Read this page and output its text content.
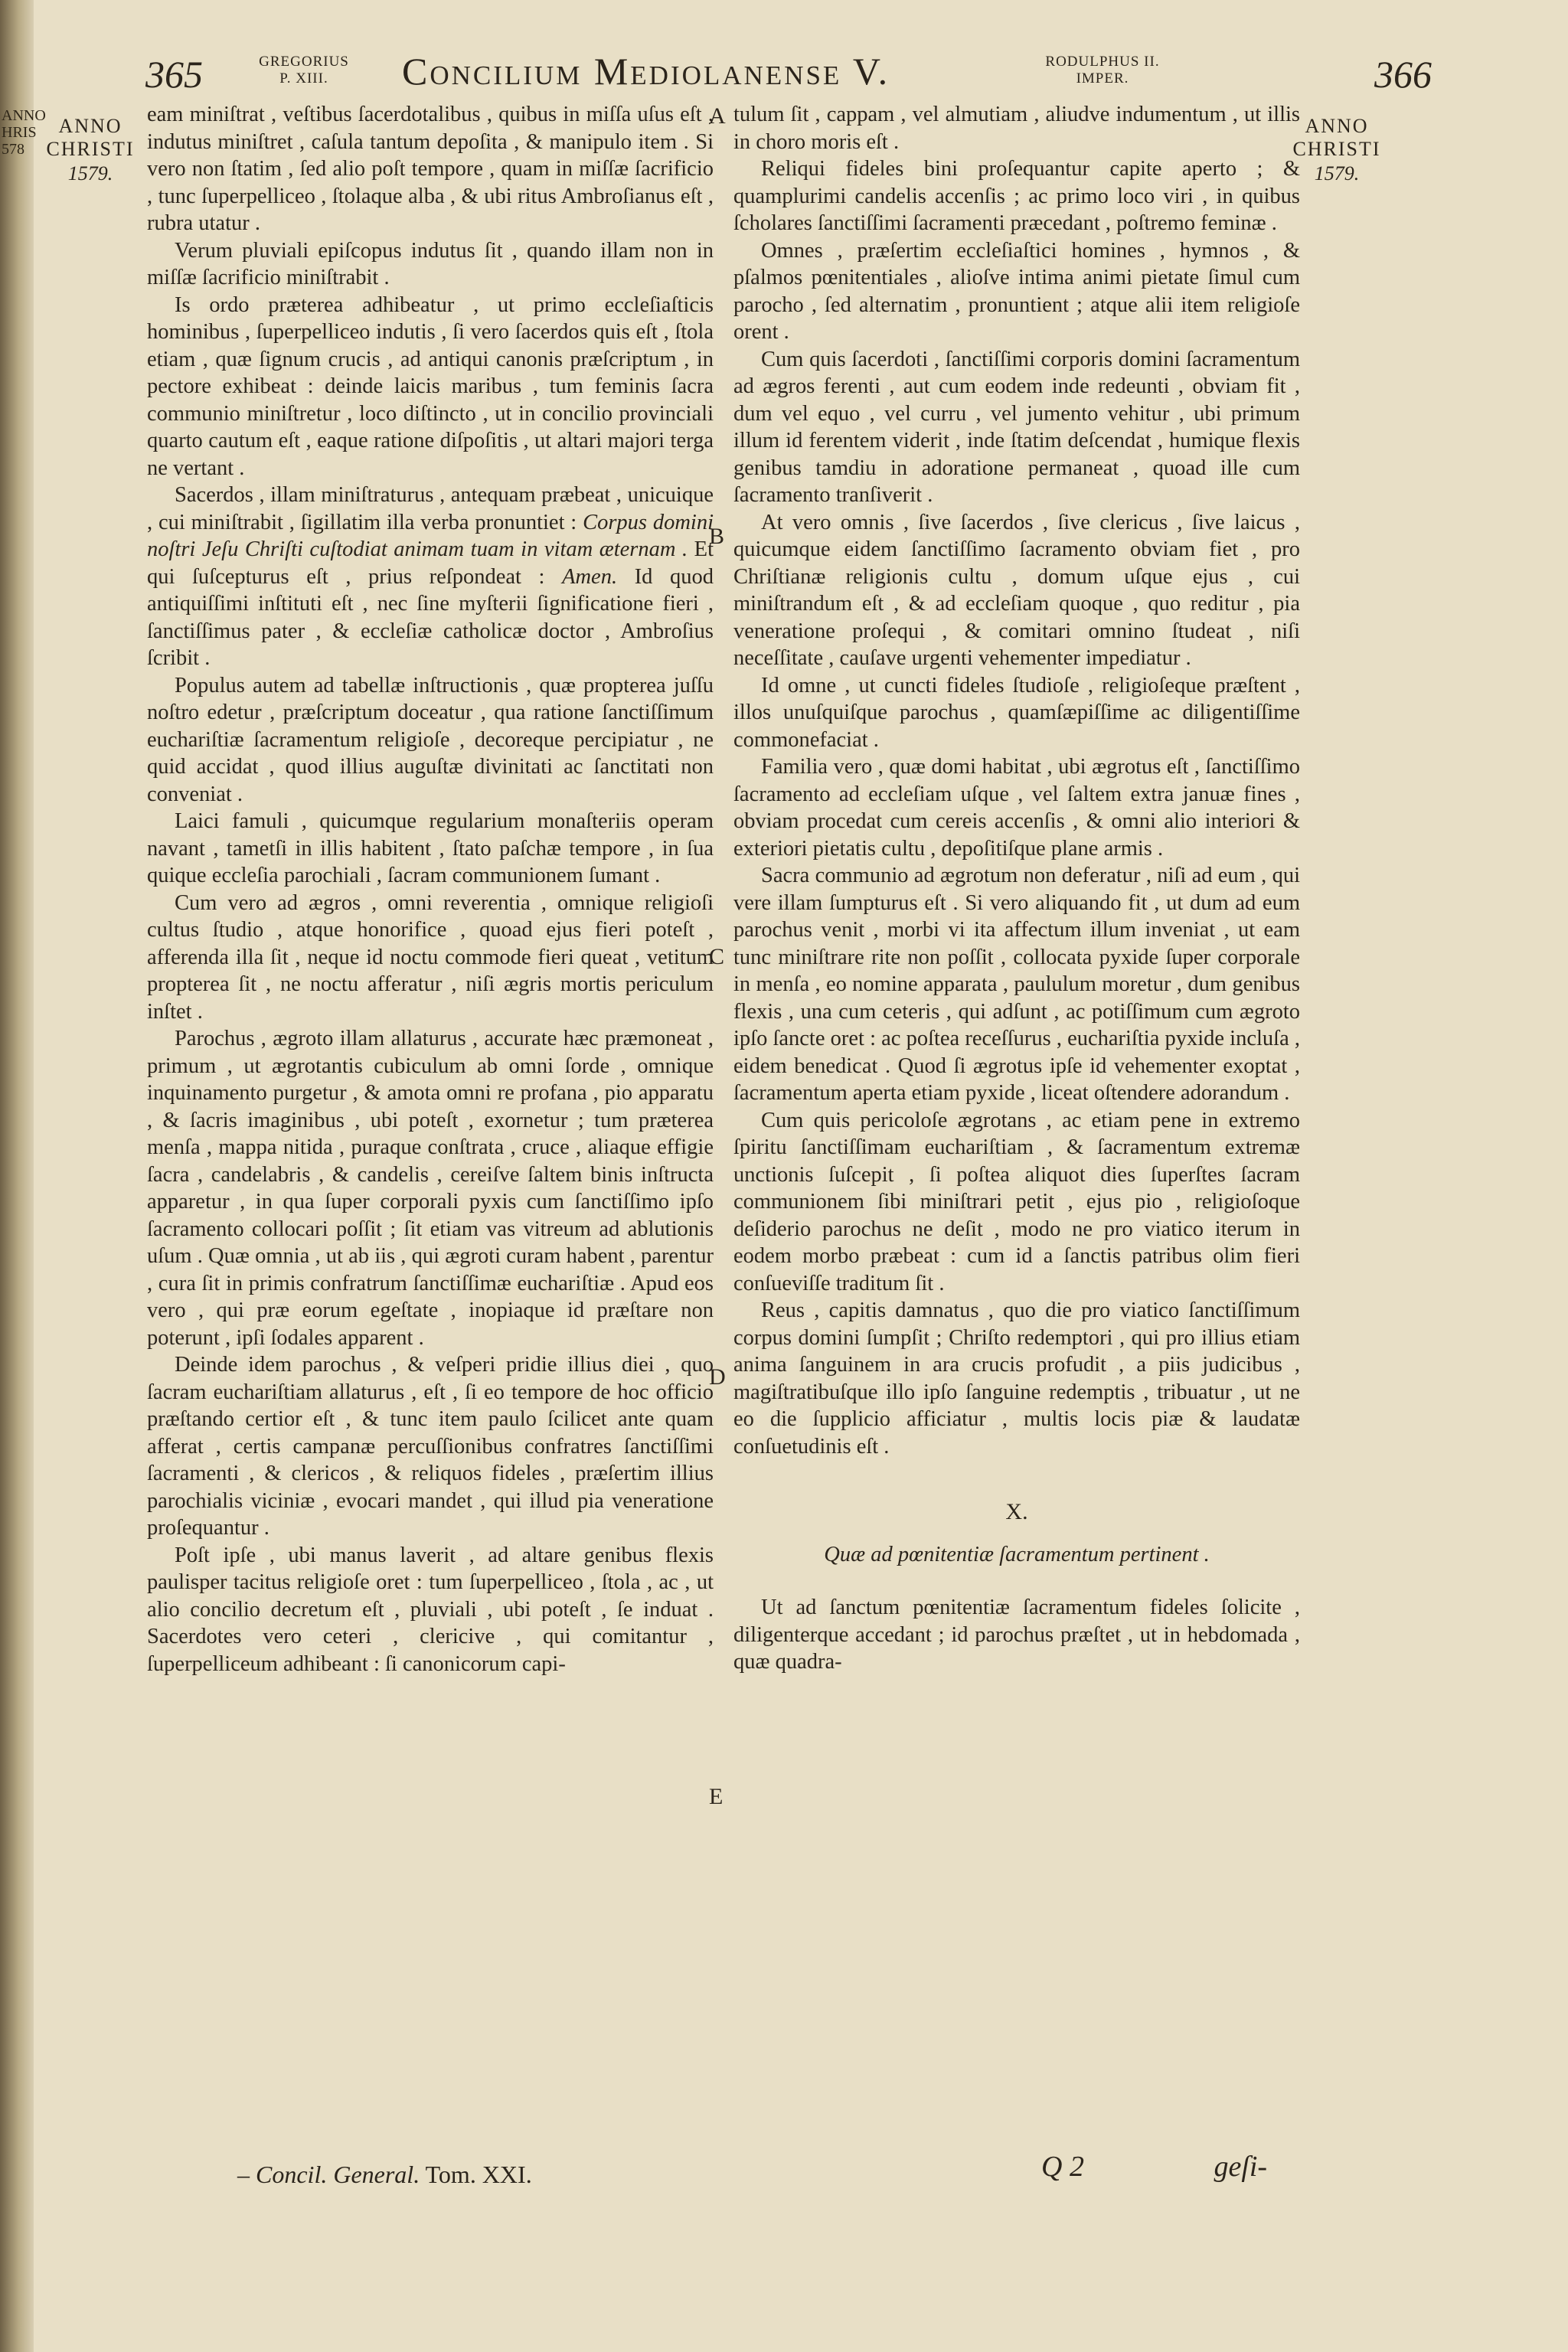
ANNO
HRIS
578
365	GREGORIUS
P. XIII.	Concilium Mediolanense V.	RODULPHUS II.
IMPER.	366
ANNO
CHRISTI
1579.
ANNO
CHRISTI
1579.

eam miniſtrat , veſtibus ſacerdotalibus , quibus in miſſa uſus eſt , indutus miniſtret , caſula tantum depoſita , & manipulo item . Si vero non ſtatim , ſed alio poſt tempore , quam in miſſæ ſacrificio , tunc ſuperpelliceo , ſtolaque alba , & ubi ritus Ambroſianus eſt , rubra utatur .

Verum pluviali epiſcopus indutus ſit , quando illam non in miſſæ ſacrificio miniſtrabit .

Is ordo præterea adhibeatur , ut primo eccleſiaſticis hominibus , ſuperpelliceo indutis , ſi vero ſacerdos quis eſt , ſtola etiam , quæ ſignum crucis , ad antiqui canonis præſcriptum , in pectore exhibeat : deinde laicis maribus , tum feminis ſacra communio miniſtretur , loco diſtincto , ut in concilio provinciali quarto cautum eſt , eaque ratione diſpoſitis , ut altari majori terga ne vertant .

Sacerdos , illam miniſtraturus , antequam præbeat , unicuique , cui miniſtrabit , ſigillatim illa verba pronuntiet : Corpus domini noſtri Jeſu Chriſti cuſtodiat animam tuam in vitam æternam . Et qui ſuſcepturus eſt , prius reſpondeat : Amen. Id quod antiquiſſimi inſtituti eſt , nec ſine myſterii ſignificatione fieri , ſanctiſſimus pater , & eccleſiæ catholicæ doctor , Ambroſius ſcribit .

Populus autem ad tabellæ inſtructionis , quæ propterea juſſu noſtro edetur , præſcriptum doceatur , qua ratione ſanctiſſimum euchariſtiæ ſacramentum religioſe , decoreque percipiatur , ne quid accidat , quod illius auguſtæ divinitati ac ſanctitati non conveniat .

Laici famuli , quicumque regularium monaſteriis operam navant , tametſi in illis habitent , ſtato paſchæ tempore , in ſua quique eccleſia parochiali , ſacram communionem ſumant .

Cum vero ad ægros , omni reverentia , omnique religioſi cultus ſtudio , atque honorifice , quoad ejus fieri poteſt , afferenda illa ſit , neque id noctu commode fieri queat , vetitum propterea ſit , ne noctu afferatur , niſi ægris mortis periculum inſtet .

Parochus , ægroto illam allaturus , accurate hæc præmoneat , primum , ut ægrotantis cubiculum ab omni ſorde , omnique inquinamento purgetur , & amota omni re profana , pio apparatu , & ſacris imaginibus , ubi poteſt , exornetur ; tum præterea menſa , mappa nitida , puraque conſtrata , cruce , aliaque effigie ſacra , candelabris , & candelis , cereiſve ſaltem binis inſtructa apparetur , in qua ſuper corporali pyxis cum ſanctiſſimo ipſo ſacramento collocari poſſit ; ſit etiam vas vitreum ad ablutionis uſum . Quæ omnia , ut ab iis , qui ægroti curam habent , parentur , cura ſit in primis confratrum ſanctiſſimæ euchariſtiæ . Apud eos vero , qui præ eorum egeſtate , inopiaque id præſtare non poterunt , ipſi ſodales apparent .

Deinde idem parochus , & veſperi pridie illius diei , quo ſacram euchariſtiam allaturus , eſt , ſi eo tempore de hoc officio præſtando certior eſt , & tunc item paulo ſcilicet ante quam afferat , certis campanæ percuſſionibus confratres ſanctiſſimi ſacramenti , & clericos , & reliquos fideles , præſertim illius parochialis viciniæ , evocari mandet , qui illud pia veneratione proſequantur .

Poſt ipſe , ubi manus laverit , ad altare genibus flexis paulisper tacitus religioſe oret : tum ſuperpelliceo , ſtola , ac , ut alio concilio decretum eſt , pluviali , ubi poteſt , ſe induat . Sacerdotes vero ceteri , clericive , qui comitantur , ſuperpelliceum adhibeant : ſi canonicorum capi-

A
B
C
D
E

tulum ſit , cappam , vel almutiam , aliudve indumentum , ut illis in choro moris eſt .

Reliqui fideles bini proſequantur capite aperto ; & quamplurimi candelis accenſis ; ac primo loco viri , in quibus ſcholares ſanctiſſimi ſacramenti præcedant , poſtremo feminæ .

Omnes , præſertim eccleſiaſtici homines , hymnos , & pſalmos pœnitentiales , alioſve intima animi pietate ſimul cum parocho , ſed alternatim , pronuntient ; atque alii item religioſe orent .

Cum quis ſacerdoti , ſanctiſſimi corporis domini ſacramentum ad ægros ferenti , aut cum eodem inde redeunti , obviam fit , dum vel equo , vel curru , vel jumento vehitur , ubi primum illum id ferentem viderit , inde ſtatim deſcendat , humique flexis genibus tamdiu in adoratione permaneat , quoad ille cum ſacramento tranſiverit .

At vero omnis , ſive ſacerdos , ſive clericus , ſive laicus , quicumque eidem ſanctiſſimo ſacramento obviam fiet , pro Chriſtianæ religionis cultu , domum uſque ejus , cui miniſtrandum eſt , & ad eccleſiam quoque , quo reditur , pia veneratione proſequi , & comitari omnino ſtudeat , niſi neceſſitate , cauſave urgenti vehementer impediatur .

Id omne , ut cuncti fideles ſtudioſe , religioſeque præſtent , illos unuſquiſque parochus , quamſæpiſſime ac diligentiſſime commonefaciat .

Familia vero , quæ domi habitat , ubi ægrotus eſt , ſanctiſſimo ſacramento ad eccleſiam uſque , vel ſaltem extra januæ fines , obviam procedat cum cereis accenſis , & omni alio interiori & exteriori pietatis cultu , depoſitiſque plane armis .

Sacra communio ad ægrotum non deferatur , niſi ad eum , qui vere illam ſumpturus eſt . Si vero aliquando fit , ut dum ad eum parochus venit , morbi vi ita affectum illum inveniat , ut eam tunc miniſtrare rite non poſſit , collocata pyxide ſuper corporale in menſa , eo nomine apparata , paululum moretur , dum genibus flexis , una cum ceteris , qui adſunt , ac potiſſimum cum ægroto ipſo ſancte oret : ac poſtea receſſurus , euchariſtia pyxide incluſa , eidem benedicat . Quod ſi ægrotus ipſe id vehementer exoptat , ſacramentum aperta etiam pyxide , liceat oſtendere adorandum .

Cum quis pericoloſe ægrotans , ac etiam pene in extremo ſpiritu ſanctiſſimam euchariſtiam , & ſacramentum extremæ unctionis ſuſcepit , ſi poſtea aliquot dies ſuperſtes ſacram communionem ſibi miniſtrari petit , ejus pio , religioſoque deſiderio parochus ne deſit , modo ne pro viatico iterum in eodem morbo præbeat : cum id a ſanctis patribus olim fieri conſueviſſe traditum ſit .

Reus , capitis damnatus , quo die pro viatico ſanctiſſimum corpus domini ſumpſit ; Chriſto redemptori , qui pro illius etiam anima ſanguinem in ara crucis profudit , a piis judicibus , magiſtratibuſque illo ipſo ſanguine redemptis , tribuatur , ut ne eo die ſupplicio afficiatur , multis locis piæ & laudatæ conſuetudinis eſt .

X.
Quæ ad pœnitentiæ ſacramentum pertinent .

Ut ad ſanctum pœnitentiæ ſacramentum fideles ſolicite , diligenterque accedant ; id parochus præſtet , ut in hebdomada , quæ quadra-

– Concil. General. Tom. XXI.	Q 2	geſi-
